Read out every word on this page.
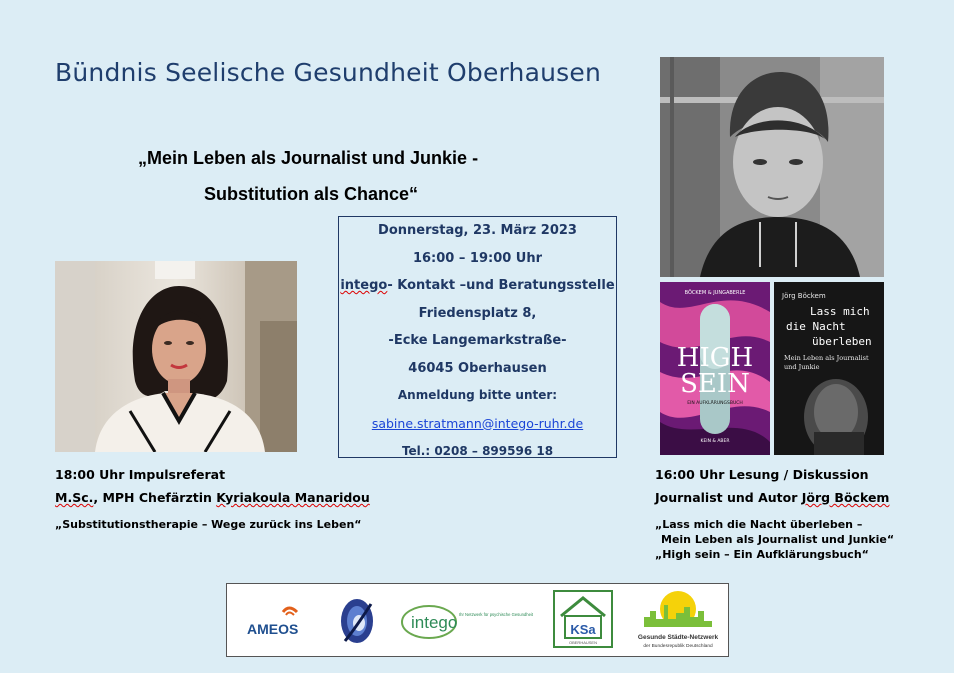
Bündnis Seelische Gesundheit Oberhausen
„Mein Leben als Journalist und Junkie -
Substitution als Chance“
Donnerstag, 23. März 2023
16:00 – 19:00 Uhr
intego- Kontakt –und Beratungsstelle
Friedensplatz 8,
-Ecke Langemarkstraße-
46045 Oberhausen
Anmeldung bitte unter:
sabine.stratmann@intego-ruhr.de
Tel.: 0208 – 899596 18
18:00 Uhr Impulsreferat
M.Sc., MPH Chefärztin Kyriakoula Manaridou
„Substitutionstherapie – Wege zurück ins Leben“
BÖCKEM & JUNGABERLE
HIGH
SEIN
EIN AUFKLÄRUNGSBUCH
KEIN & ABER
Jörg Böckem
Lass mich
die Nacht
überleben
Mein Leben als Journalist
und Junkie
16:00 Uhr Lesung / Diskussion
Journalist und Autor Jörg Böckem
„Lass mich die Nacht überleben –
Mein Leben als Journalist und Junkie“
„High sein – Ein Aufklärungsbuch“
AMEOS	intego Ihr Netzwerk für psychische Gesundheit
KSa
OBERHAUSEN
Gesunde Städte-Netzwerk
der Bundesrepublik Deutschland
